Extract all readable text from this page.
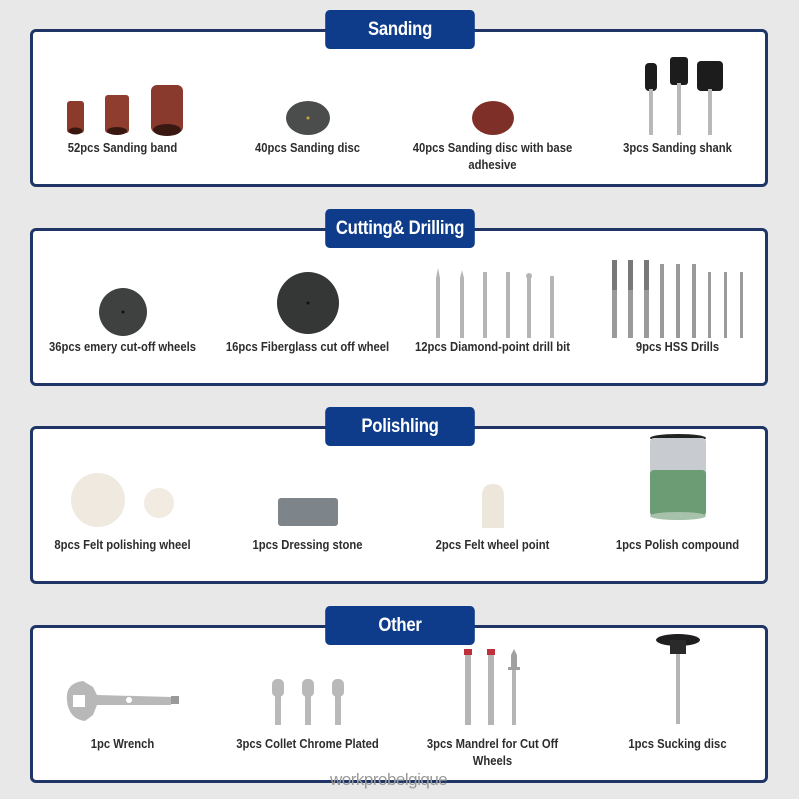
Sanding
52pcs Sanding band	40pcs Sanding disc	40pcs Sanding disc with base adhesive
3pcs Sanding shank
Cutting& Drilling
36pcs emery cut-off wheels	16pcs Fiberglass cut off wheel	12pcs Diamond-point drill bit	9pcs HSS Drills
Polishling
8pcs Felt polishing wheel	1pcs Dressing stone	2pcs Felt wheel point	1pcs Polish compound
Other
1pc Wrench	3pcs Collet Chrome Plated	3pcs Mandrel for Cut Off Wheels
1pcs Sucking disc
workprobelgique
